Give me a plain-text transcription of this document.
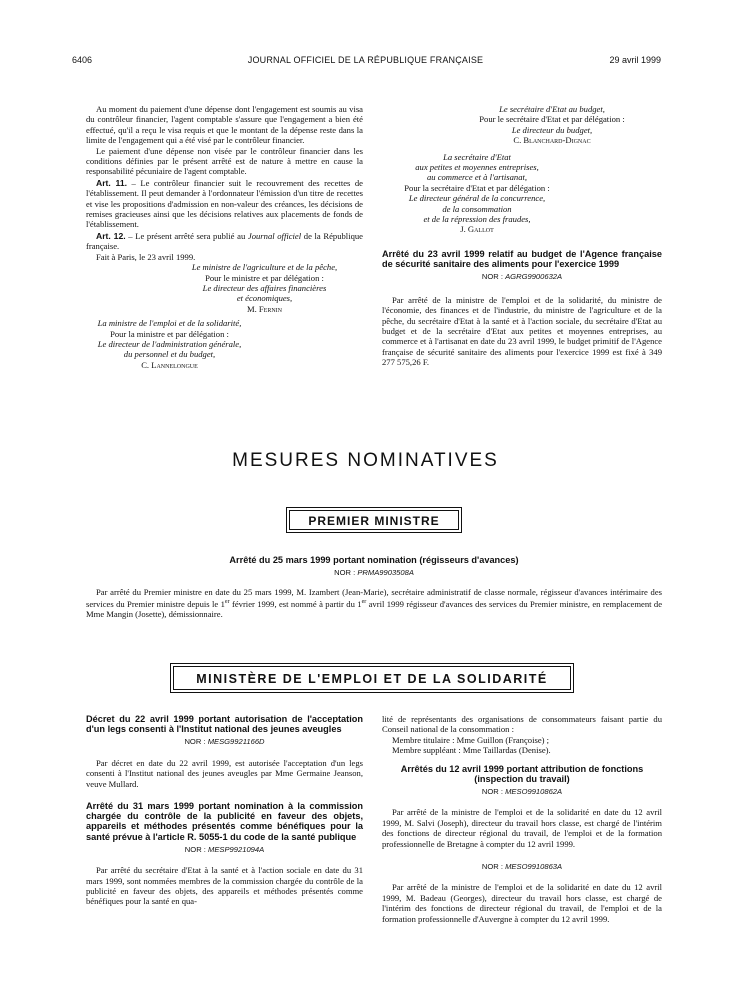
6406	JOURNAL OFFICIEL DE LA RÉPUBLIQUE FRANÇAISE	29 avril 1999

Au moment du paiement d'une dépense dont l'engagement est soumis au visa du contrôleur financier, l'agent comptable s'assure que l'engagement a bien été effectué, qu'il a reçu le visa requis et que le montant de la dépense reste dans la limite de l'engagement qui a été visé par le contrôleur financier.

Le paiement d'une dépense non visée par le contrôleur financier dans les conditions définies par le présent arrêté est de nature à mettre en cause la responsabilité pécuniaire de l'agent comptable.

Art. 11. – Le contrôleur financier suit le recouvrement des recettes de l'établissement. Il peut demander à l'ordonnateur l'émission d'un titre de recettes et vise les propositions d'admission en non-valeur des créances, les décisions de remises gracieuses ainsi que les décisions relatives aux placements de fonds de l'établissement.

Art. 12. – Le présent arrêté sera publié au Journal officiel de la République française.

Fait à Paris, le 23 avril 1999.

Le ministre de l'agriculture et de la pêche,
Pour le ministre et par délégation :
Le directeur des affaires financières
et économiques,
M. Fernin
La ministre de l'emploi et de la solidarité,
Pour la ministre et par délégation :
Le directeur de l'administration générale,
du personnel et du budget,
C. Lannelongue
Le secrétaire d'Etat au budget,
Pour le secrétaire d'Etat et par délégation :
Le directeur du budget,
C. Blanchard-Dignac
La secrétaire d'Etat
aux petites et moyennes entreprises,
au commerce et à l'artisanat,
Pour la secrétaire d'Etat et par délégation :
Le directeur général de la concurrence,
de la consommation
et de la répression des fraudes,
J. Gallot
Arrêté du 23 avril 1999 relatif au budget de l'Agence française de sécurité sanitaire des aliments pour l'exercice 1999
NOR : AGRG9900632A

Par arrêté de la ministre de l'emploi et de la solidarité, du ministre de l'économie, des finances et de l'industrie, du ministre de l'agriculture et de la pêche, du secrétaire d'Etat à la santé et à l'action sociale, du secrétaire d'Etat au budget et de la secrétaire d'Etat aux petites et moyennes entreprises, au commerce et à l'artisanat en date du 23 avril 1999, le budget primitif de l'Agence française de sécurité sanitaire des aliments pour l'exercice 1999 est fixé à 349 277 575,26 F.

MESURES NOMINATIVES
PREMIER MINISTRE
Arrêté du 25 mars 1999 portant nomination (régisseurs d'avances)
NOR : PRMA9903508A

Par arrêté du Premier ministre en date du 25 mars 1999, M. Izambert (Jean-Marie), secrétaire administratif de classe normale, régisseur d'avances intérimaire des services du Premier ministre depuis le 1er février 1999, est nommé à partir du 1er avril 1999 régisseur d'avances des services du Premier ministre, en remplacement de Mme Mangin (Josette), démissionnaire.

MINISTÈRE DE L'EMPLOI ET DE LA SOLIDARITÉ
Décret du 22 avril 1999 portant autorisation de l'acceptation d'un legs consenti à l'Institut national des jeunes aveugles
NOR : MESG9921166D

Par décret en date du 22 avril 1999, est autorisée l'acceptation d'un legs consenti à l'Institut national des jeunes aveugles par Mme Germaine Jeanson, veuve Mullard.

Arrêté du 31 mars 1999 portant nomination à la commission chargée du contrôle de la publicité en faveur des objets, appareils et méthodes présentés comme bénéfiques pour la santé prévue à l'article R. 5055-1 du code de la santé publique
NOR : MESP9921094A

Par arrêté du secrétaire d'Etat à la santé et à l'action sociale en date du 31 mars 1999, sont nommées membres de la commission chargée du contrôle de la publicité en faveur des objets, des appareils et méthodes présentés comme bénéfiques pour la santé en qua-

lité de représentants des organisations de consommateurs faisant partie du Conseil national de la consommation :

Membre titulaire : Mme Guillon (Françoise) ;

Membre suppléant : Mme Taillardas (Denise).

Arrêtés du 12 avril 1999 portant attribution de fonctions (inspection du travail)
NOR : MESO9910862A

Par arrêté de la ministre de l'emploi et de la solidarité en date du 12 avril 1999, M. Salvi (Joseph), directeur du travail hors classe, est chargé de l'intérim des fonctions de directeur régional du travail, de l'emploi et de la formation professionnelle de Bretagne à compter du 12 avril 1999.

NOR : MESO9910863A

Par arrêté de la ministre de l'emploi et de la solidarité en date du 12 avril 1999, M. Badeau (Georges), directeur du travail hors classe, est chargé de l'intérim des fonctions de directeur régional du travail, de l'emploi et de la formation professionnelle d'Auvergne à compter du 12 avril 1999.
